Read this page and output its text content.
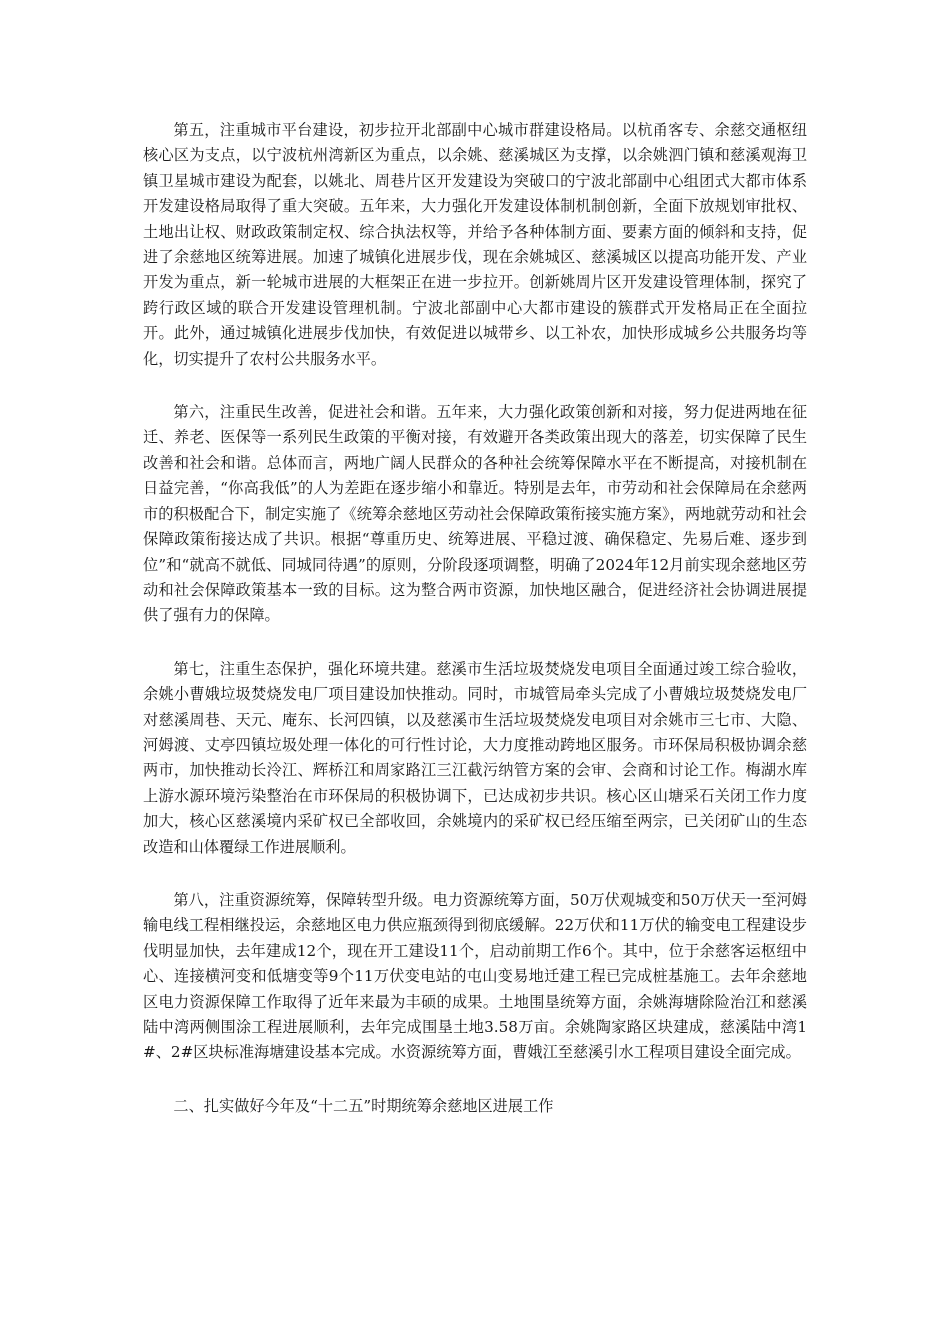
第五，注重城市平台建设，初步拉开北部副中心城市群建设格局。以杭甬客专、余慈交通枢纽核心区为支点，以宁波杭州湾新区为重点，以余姚、慈溪城区为支撑，以余姚泗门镇和慈溪观海卫镇卫星城市建设为配套，以姚北、周巷片区开发建设为突破口的宁波北部副中心组团式大都市体系开发建设格局取得了重大突破。五年来，大力强化开发建设体制机制创新，全面下放规划审批权、土地出让权、财政政策制定权、综合执法权等，并给予各种体制方面、要素方面的倾斜和支持，促进了余慈地区统筹进展。加速了城镇化进展步伐，现在余姚城区、慈溪城区以提高功能开发、产业开发为重点，新一轮城市进展的大框架正在进一步拉开。创新姚周片区开发建设管理体制，探究了跨行政区域的联合开发建设管理机制。宁波北部副中心大都市建设的簇群式开发格局正在全面拉开。此外，通过城镇化进展步伐加快，有效促进以城带乡、以工补农，加快形成城乡公共服务均等化，切实提升了农村公共服务水平。

第六，注重民生改善，促进社会和谐。五年来，大力强化政策创新和对接，努力促进两地在征迁、养老、医保等一系列民生政策的平衡对接，有效避开各类政策出现大的落差，切实保障了民生改善和社会和谐。总体而言，两地广阔人民群众的各种社会统筹保障水平在不断提高，对接机制在日益完善，“你高我低”的人为差距在逐步缩小和靠近。特别是去年，市劳动和社会保障局在余慈两市的积极配合下，制定实施了《统筹余慈地区劳动社会保障政策衔接实施方案》，两地就劳动和社会保障政策衔接达成了共识。根据“尊重历史、统筹进展、平稳过渡、确保稳定、先易后难、逐步到位”和“就高不就低、同城同待遇”的原则，分阶段逐项调整，明确了2024年12月前实现余慈地区劳动和社会保障政策基本一致的目标。这为整合两市资源，加快地区融合，促进经济社会协调进展提供了强有力的保障。

第七，注重生态保护，强化环境共建。慈溪市生活垃圾焚烧发电项目全面通过竣工综合验收，余姚小曹娥垃圾焚烧发电厂项目建设加快推动。同时，市城管局牵头完成了小曹娥垃圾焚烧发电厂对慈溪周巷、天元、庵东、长河四镇，以及慈溪市生活垃圾焚烧发电项目对余姚市三七市、大隐、河姆渡、丈亭四镇垃圾处理一体化的可行性讨论，大力度推动跨地区服务。市环保局积极协调余慈两市，加快推动长泠江、辉桥江和周家路江三江截污纳管方案的会审、会商和讨论工作。梅湖水库上游水源环境污染整治在市环保局的积极协调下，已达成初步共识。核心区山塘采石关闭工作力度加大，核心区慈溪境内采矿权已全部收回，余姚境内的采矿权已经压缩至两宗，已关闭矿山的生态改造和山体覆绿工作进展顺利。

第八，注重资源统筹，保障转型升级。电力资源统筹方面，50万伏观城变和50万伏天一至河姆输电线工程相继投运，余慈地区电力供应瓶颈得到彻底缓解。22万伏和11万伏的输变电工程建设步伐明显加快，去年建成12个，现在开工建设11个，启动前期工作6个。其中，位于余慈客运枢纽中心、连接横河变和低塘变等9个11万伏变电站的屯山变易地迁建工程已完成桩基施工。去年余慈地区电力资源保障工作取得了近年来最为丰硕的成果。土地围垦统筹方面，余姚海塘除险治江和慈溪陆中湾两侧围涂工程进展顺利，去年完成围垦土地3.58万亩。余姚陶家路区块建成，慈溪陆中湾1#、2#区块标准海塘建设基本完成。水资源统筹方面，曹娥江至慈溪引水工程项目建设全面完成。

二、扎实做好今年及“十二五”时期统筹余慈地区进展工作
